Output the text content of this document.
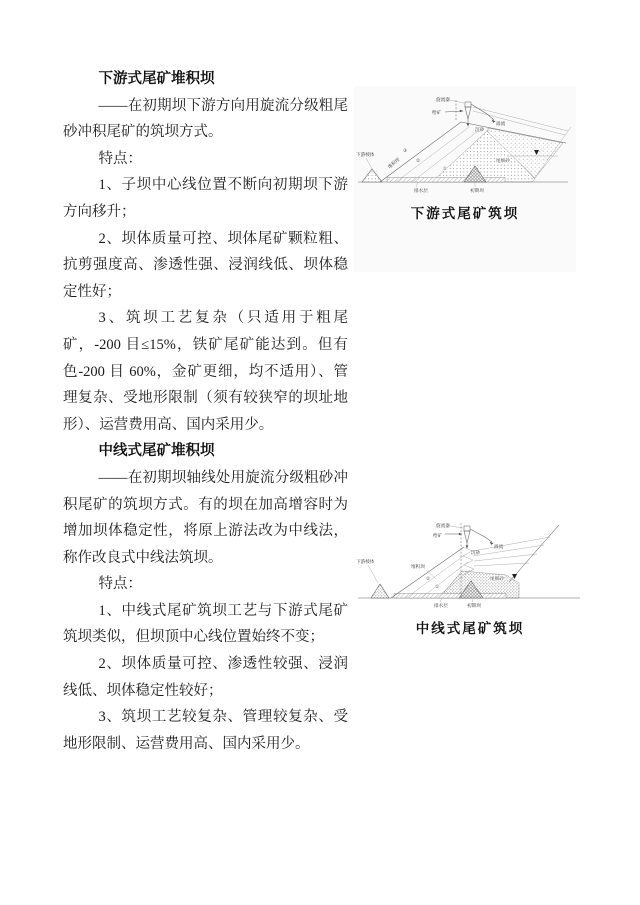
下游式尾矿堆积坝

——在初期坝下游方向用旋流分级粗尾砂冲积尾矿的筑坝方式。

特点：

1、子坝中心线位置不断向初期坝下游方向移升；

2、坝体质量可控、坝体尾矿颗粒粗、抗剪强度高、渗透性强、浸润线低、坝体稳定性好；

3、筑坝工艺复杂（只适用于粗尾矿，-200 目≤15%，铁矿尾矿能达到。但有色-200 目 60%，金矿更细，均不适用）、管理复杂、受地形限制（须有较狭窄的坝址地形）、运营费用高、国内采用少。

中线式尾矿堆积坝

——在初期坝轴线处用旋流分级粗砂冲积尾矿的筑坝方式。有的坝在加高增容时为增加坝体稳定性，将原上游法改为中线法，称作改良式中线法筑坝。

特点：

1、中线式尾矿筑坝工艺与下游式尾矿筑坝类似，但坝顶中心线位置始终不变；

2、坝体质量可控、渗透性较强、浸润线低、坝体稳定性较好；

3、筑坝工艺较复杂、管理较复杂、受地形限制、运营费用高、国内采用少。

旋流器
给矿
溢流
沉砂
下游棱体
堆积坝
③
②
①
尾细砂
排水层	初期坝
下游式尾矿筑坝
旋流器
给矿
溢流
沉砂
下游棱体
堆积坝
②
①
尾细砂
排水层	初期坝
中线式尾矿筑坝
